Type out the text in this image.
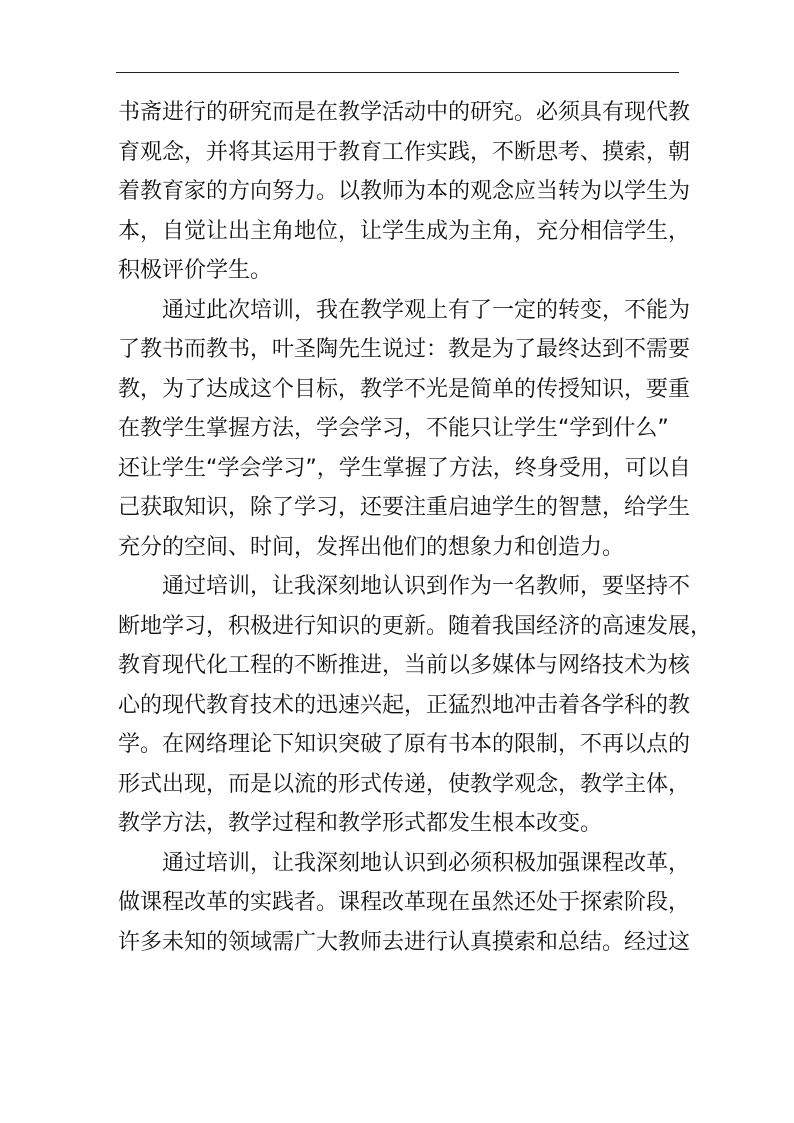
书斋进行的研究而是在教学活动中的研究。必须具有现代教
育观念，并将其运用于教育工作实践，不断思考、摸索，朝
着教育家的方向努力。以教师为本的观念应当转为以学生为
本，自觉让出主角地位，让学生成为主角，充分相信学生，
积极评价学生。
通过此次培训，我在教学观上有了一定的转变，不能为
了教书而教书，叶圣陶先生说过：教是为了最终达到不需要
教，为了达成这个目标，教学不光是简单的传授知识，要重
在教学生掌握方法，学会学习，不能只让学生“学到什么”
还让学生“学会学习”，学生掌握了方法，终身受用，可以自
己获取知识，除了学习，还要注重启迪学生的智慧，给学生
充分的空间、时间，发挥出他们的想象力和创造力。
通过培训，让我深刻地认识到作为一名教师，要坚持不
断地学习，积极进行知识的更新。随着我国经济的高速发展，
教育现代化工程的不断推进，当前以多媒体与网络技术为核
心的现代教育技术的迅速兴起，正猛烈地冲击着各学科的教
学。在网络理论下知识突破了原有书本的限制，不再以点的
形式出现，而是以流的形式传递，使教学观念，教学主体，
教学方法，教学过程和教学形式都发生根本改变。
通过培训，让我深刻地认识到必须积极加强课程改革，
做课程改革的实践者。课程改革现在虽然还处于探索阶段，
许多未知的领域需广大教师去进行认真摸索和总结。经过这
